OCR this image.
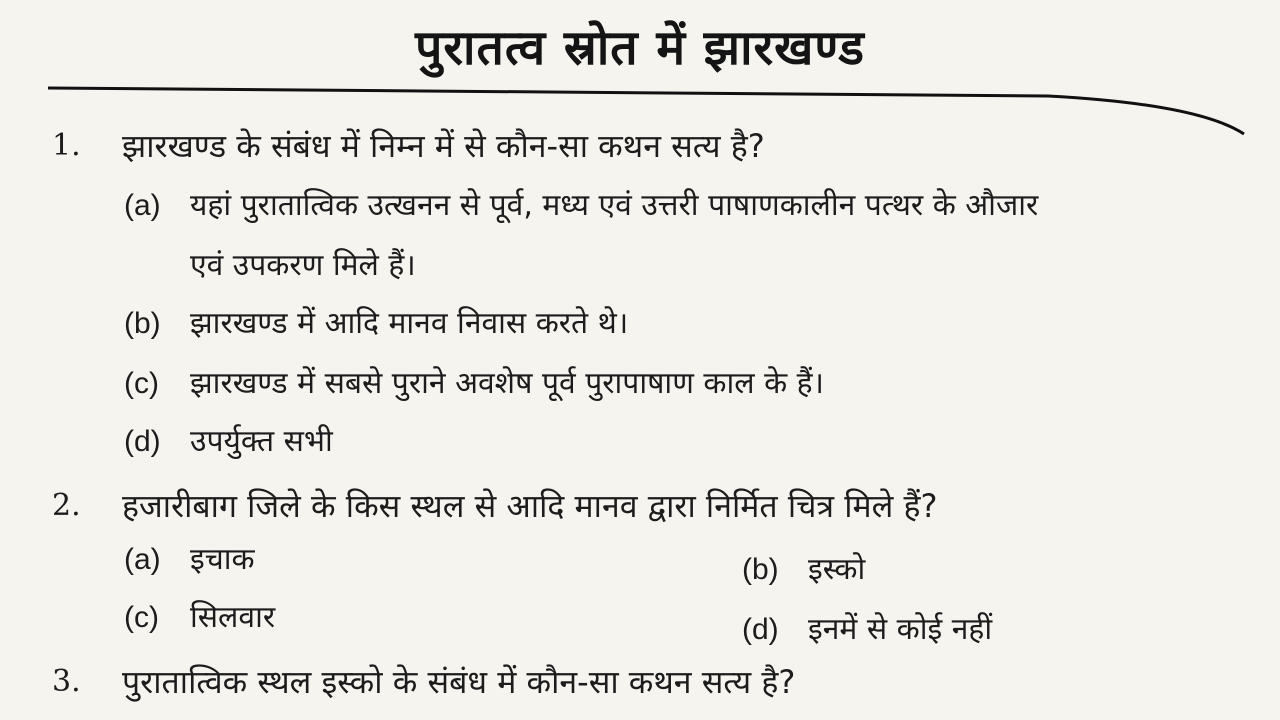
पुरातत्व स्रोत में झारखण्ड
1. झारखण्ड के संबंध में निम्न में से कौन-सा कथन सत्य है?
(a) यहां पुरातात्विक उत्खनन से पूर्व, मध्य एवं उत्तरी पाषाणकालीन पत्थर के औजार
एवं उपकरण मिले हैं।
(b) झारखण्ड में आदि मानव निवास करते थे।
(c) झारखण्ड में सबसे पुराने अवशेष पूर्व पुरापाषाण काल के हैं।
(d) उपर्युक्त सभी
2. हजारीबाग जिले के किस स्थल से आदि मानव द्वारा निर्मित चित्र मिले हैं?
(a) इचाक	(b) इस्को
(c) सिलवार	(d) इनमें से कोई नहीं
3. पुरातात्विक स्थल इस्को के संबंध में कौन-सा कथन सत्य है?
